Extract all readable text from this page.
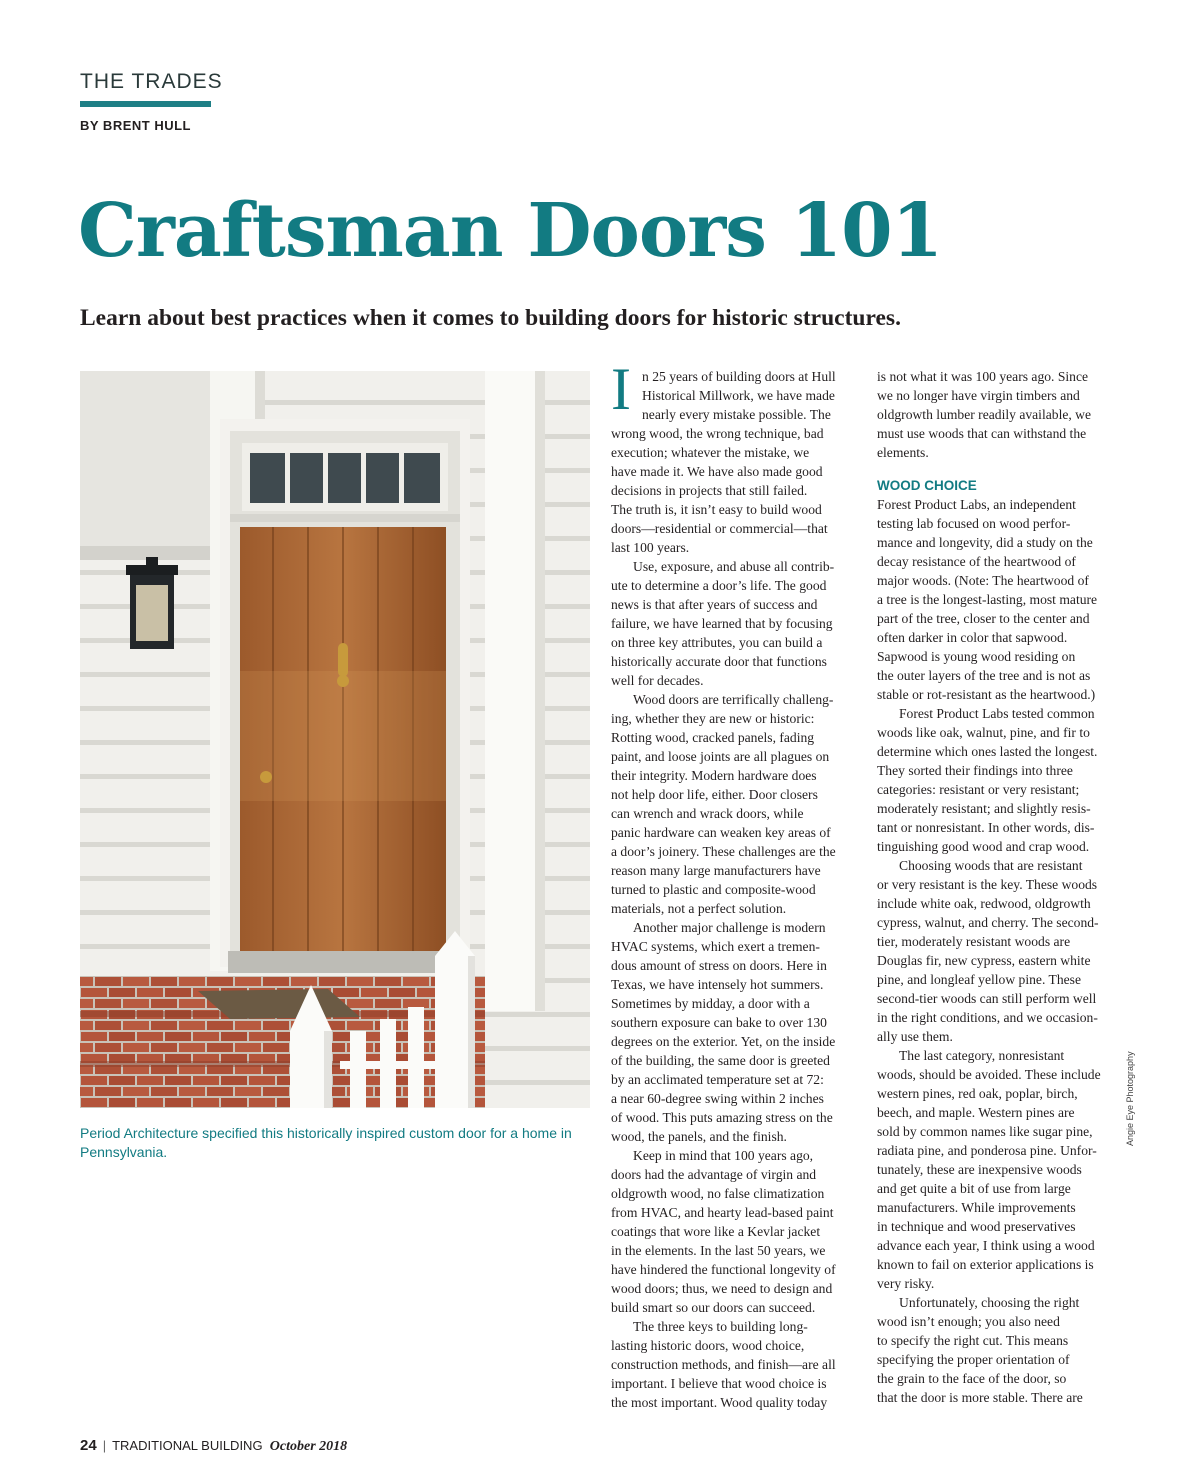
THE TRADES
BY BRENT HULL
Craftsman Doors 101
Learn about best practices when it comes to building doors for historic structures.
Period Architecture specified this historically inspired custom door for a home in Pennsylvania.
I n 25 years of building doors at Hull
Historical Millwork, we have made
nearly every mistake possible. The
wrong wood, the wrong technique, bad
execution; whatever the mistake, we
have made it. We have also made good
decisions in projects that still failed.
The truth is, it isn’t easy to build wood
doors—residential or commercial—that
last 100 years.
Use, exposure, and abuse all contrib-
ute to determine a door’s life. The good
news is that after years of success and
failure, we have learned that by focusing
on three key attributes, you can build a
historically accurate door that functions
well for decades.
Wood doors are terrifically challeng-
ing, whether they are new or historic:
Rotting wood, cracked panels, fading
paint, and loose joints are all plagues on
their integrity. Modern hardware does
not help door life, either. Door closers
can wrench and wrack doors, while
panic hardware can weaken key areas of
a door’s joinery. These challenges are the
reason many large manufacturers have
turned to plastic and composite-wood
materials, not a perfect solution.
Another major challenge is modern
HVAC systems, which exert a tremen-
dous amount of stress on doors. Here in
Texas, we have intensely hot summers.
Sometimes by midday, a door with a
southern exposure can bake to over 130
degrees on the exterior. Yet, on the inside
of the building, the same door is greeted
by an acclimated temperature set at 72:
a near 60-degree swing within 2 inches
of wood. This puts amazing stress on the
wood, the panels, and the finish.
Keep in mind that 100 years ago,
doors had the advantage of virgin and
oldgrowth wood, no false climatization
from HVAC, and hearty lead-based paint
coatings that wore like a Kevlar jacket
in the elements. In the last 50 years, we
have hindered the functional longevity of
wood doors; thus, we need to design and
build smart so our doors can succeed.
The three keys to building long-
lasting historic doors, wood choice,
construction methods, and finish—are all
important. I believe that wood choice is
the most important. Wood quality today
is not what it was 100 years ago. Since
we no longer have virgin timbers and
oldgrowth lumber readily available, we
must use woods that can withstand the
elements.
WOOD CHOICE
Forest Product Labs, an independent
testing lab focused on wood perfor-
mance and longevity, did a study on the
decay resistance of the heartwood of
major woods. (Note: The heartwood of
a tree is the longest-lasting, most mature
part of the tree, closer to the center and
often darker in color that sapwood.
Sapwood is young wood residing on
the outer layers of the tree and is not as
stable or rot-resistant as the heartwood.)
Forest Product Labs tested common
woods like oak, walnut, pine, and fir to
determine which ones lasted the longest.
They sorted their findings into three
categories: resistant or very resistant;
moderately resistant; and slightly resis-
tant or nonresistant. In other words, dis-
tinguishing good wood and crap wood.
Choosing woods that are resistant
or very resistant is the key. These woods
include white oak, redwood, oldgrowth
cypress, walnut, and cherry. The second-
tier, moderately resistant woods are
Douglas fir, new cypress, eastern white
pine, and longleaf yellow pine. These
second-tier woods can still perform well
in the right conditions, and we occasion-
ally use them.
The last category, nonresistant
woods, should be avoided. These include
western pines, red oak, poplar, birch,
beech, and maple. Western pines are
sold by common names like sugar pine,
radiata pine, and ponderosa pine. Unfor-
tunately, these are inexpensive woods
and get quite a bit of use from large
manufacturers. While improvements
in technique and wood preservatives
advance each year, I think using a wood
known to fail on exterior applications is
very risky.
Unfortunately, choosing the right
wood isn’t enough; you also need
to specify the right cut. This means
specifying the proper orientation of
the grain to the face of the door, so
that the door is more stable. There are
Angie Eye Photography
24 | TRADITIONAL BUILDING October 2018
